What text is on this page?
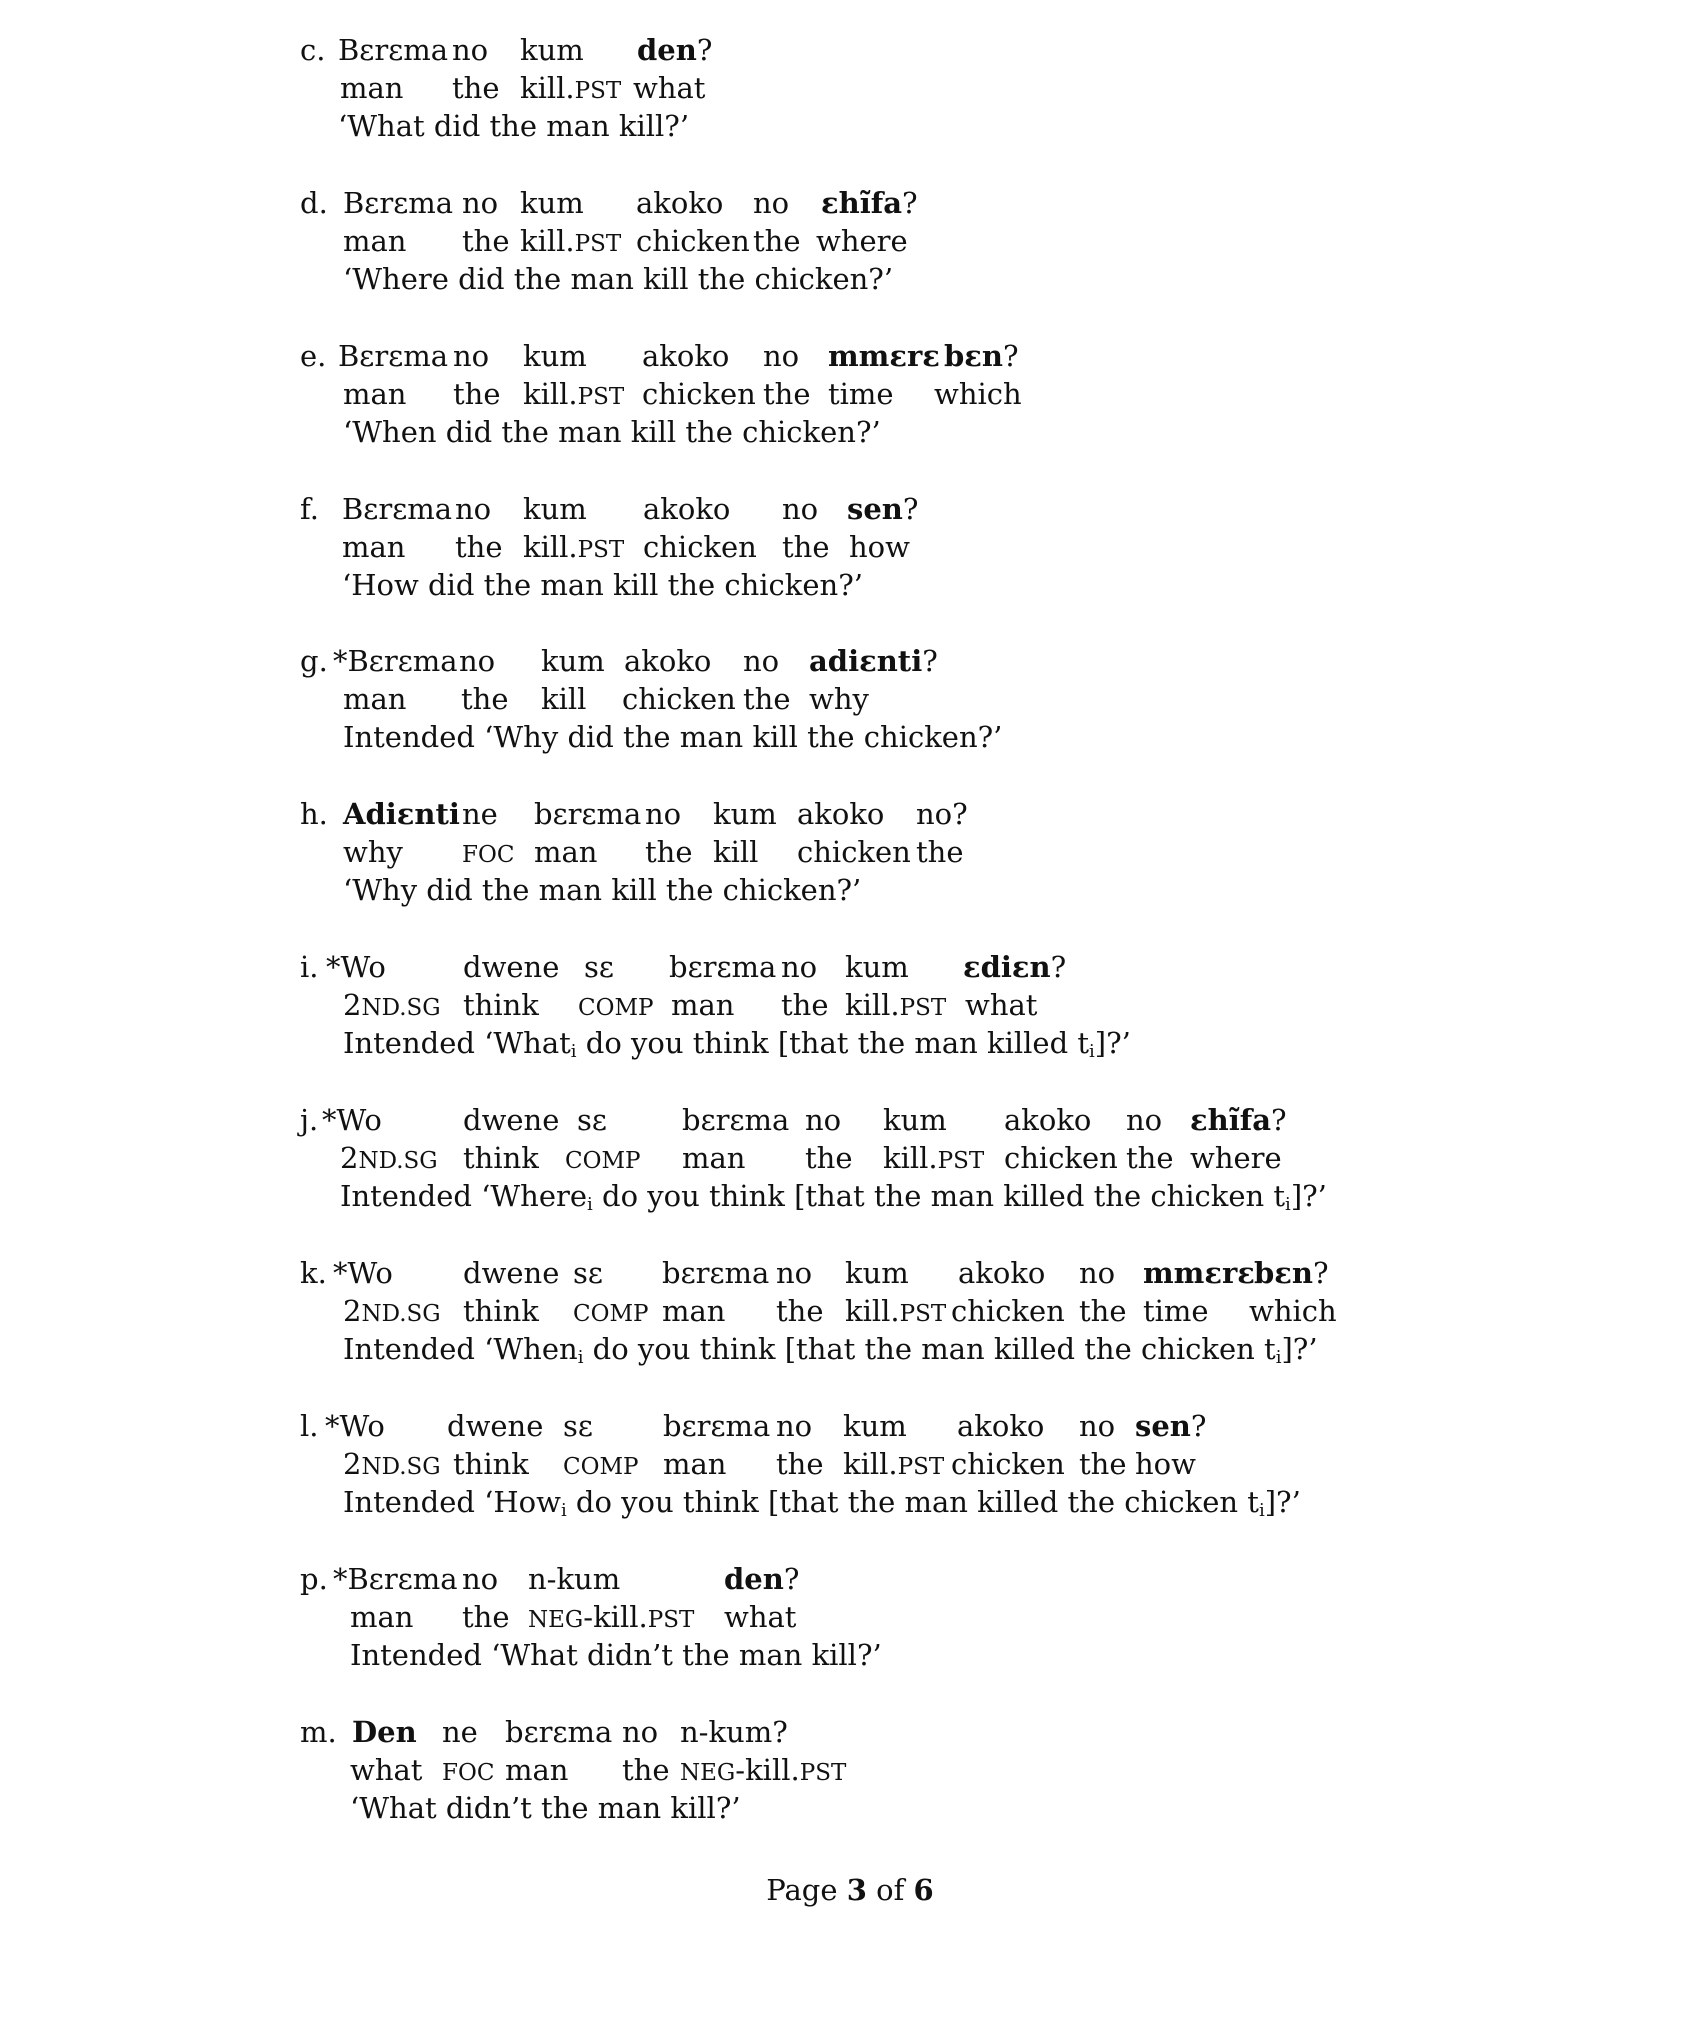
c. Bɛrɛma no kum den?
man the kill.PST what
‘What did the man kill?’
d. Bɛrɛma no kum akoko no ɛhĩfa?
man the kill.PST chicken the where
‘Where did the man kill the chicken?’
e. Bɛrɛma no kum akoko no mmɛrɛ bɛn?
man the kill.PST chicken the time which
‘When did the man kill the chicken?’
f. Bɛrɛma no kum akoko no sen?
man the kill.PST chicken the how
‘How did the man kill the chicken?’
g. *Bɛrɛma no kum akoko no adiɛnti?
man the kill chicken the why
Intended ‘Why did the man kill the chicken?’
h. Adiɛnti ne bɛrɛma no kum akoko no?
why	FOC man the kill chicken the
‘Why did the man kill the chicken?’
i. *Wo	dwene sɛ bɛrɛma no kum ɛdiɛn?
2ND.SG think COMP man the kill.PST what
Intended ‘Whati do you think [that the man killed ti]?’
j. *Wo	dwene sɛ	bɛrɛma no kum akoko no ɛhĩfa?
2ND.SG think COMP man the kill.PST chicken the where
Intended ‘Wherei do you think [that the man killed the chicken ti]?’
k. *Wo dwene sɛ bɛrɛma no kum akoko no mmɛrɛ bɛn?
2ND.SG think COMP man the kill.PST chicken the time which
Intended ‘Wheni do you think [that the man killed the chicken ti]?’
l. *Wo dwene sɛ bɛrɛma no kum akoko no sen?
2ND.SG think COMP man the kill.PST chicken the how
Intended ‘Howi do you think [that the man killed the chicken ti]?’
p. *Bɛrɛma no n-kum	den?
man the NEG-kill.PST what
Intended ‘What didn’t the man kill?’
m. Den ne bɛrɛma no n-kum?
what FOC man the NEG-kill.PST
‘What didn’t the man kill?’
Page 3 of 6
